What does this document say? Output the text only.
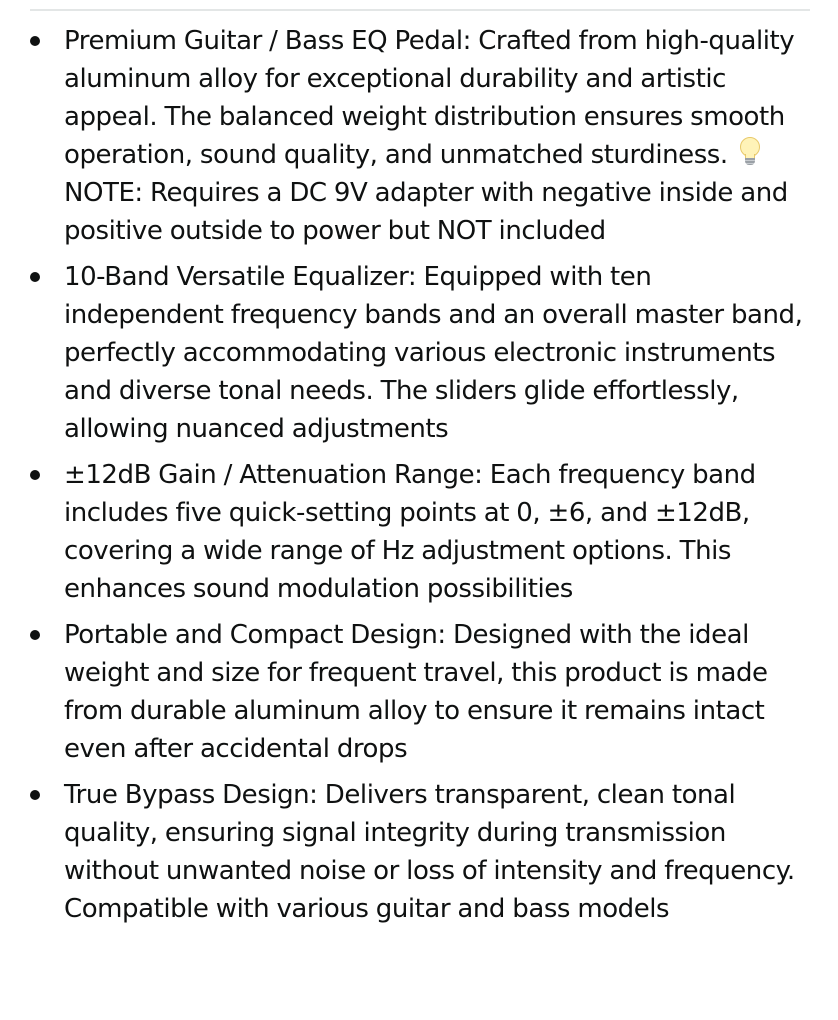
Premium Guitar / Bass EQ Pedal: Crafted from high-quality aluminum alloy for exceptional durability and artistic appeal. The balanced weight distribution ensures smooth operation, sound quality, and unmatched sturdiness.
NOTE: Requires a DC 9V adapter with negative inside and positive outside to power but NOT included
10-Band Versatile Equalizer: Equipped with ten independent frequency bands and an overall master band, perfectly accommodating various electronic instruments and diverse tonal needs. The sliders glide effortlessly, allowing nuanced adjustments
±12dB Gain / Attenuation Range: Each frequency band includes five quick-setting points at 0, ±6, and ±12dB, covering a wide range of Hz adjustment options. This enhances sound modulation possibilities
Portable and Compact Design: Designed with the ideal weight and size for frequent travel, this product is made from durable aluminum alloy to ensure it remains intact even after accidental drops
True Bypass Design: Delivers transparent, clean tonal quality, ensuring signal integrity during transmission without unwanted noise or loss of intensity and frequency. Compatible with various guitar and bass models
